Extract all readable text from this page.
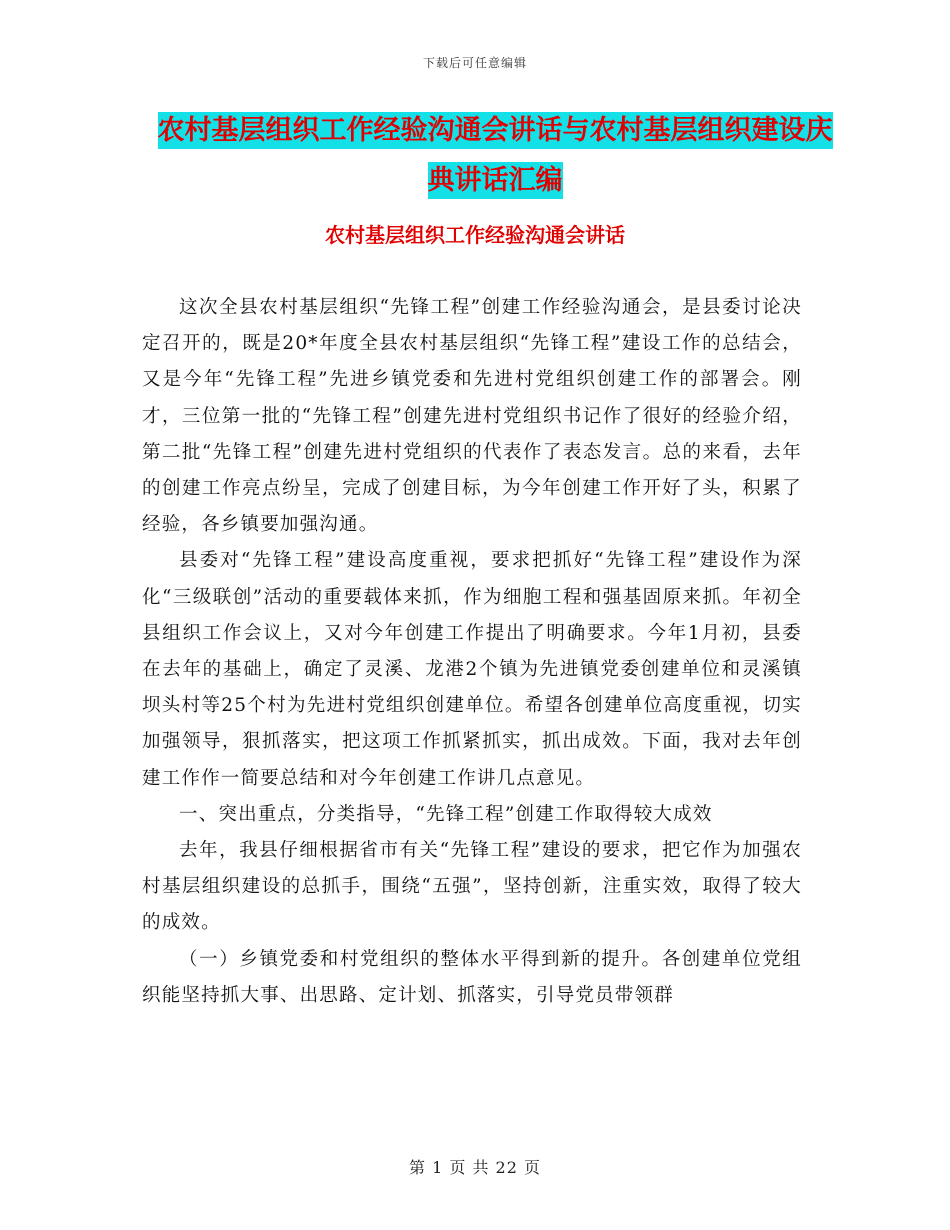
下载后可任意编辑
农村基层组织工作经验沟通会讲话与农村基层组织建设庆典讲话汇编
农村基层组织工作经验沟通会讲话

这次全县农村基层组织“先锋工程”创建工作经验沟通会，是县委讨论决定召开的，既是20*年度全县农村基层组织“先锋工程”建设工作的总结会，又是今年“先锋工程”先进乡镇党委和先进村党组织创建工作的部署会。刚才，三位第一批的“先锋工程”创建先进村党组织书记作了很好的经验介绍，第二批“先锋工程”创建先进村党组织的代表作了表态发言。总的来看，去年的创建工作亮点纷呈，完成了创建目标，为今年创建工作开好了头，积累了经验，各乡镇要加强沟通。

县委对“先锋工程”建设高度重视，要求把抓好“先锋工程”建设作为深化“三级联创”活动的重要载体来抓，作为细胞工程和强基固原来抓。年初全县组织工作会议上，又对今年创建工作提出了明确要求。今年1月初，县委在去年的基础上，确定了灵溪、龙港2个镇为先进镇党委创建单位和灵溪镇坝头村等25个村为先进村党组织创建单位。希望各创建单位高度重视，切实加强领导，狠抓落实，把这项工作抓紧抓实，抓出成效。下面，我对去年创建工作作一简要总结和对今年创建工作讲几点意见。

一、突出重点，分类指导，“先锋工程”创建工作取得较大成效

去年，我县仔细根据省市有关“先锋工程”建设的要求，把它作为加强农村基层组织建设的总抓手，围绕“五强”，坚持创新，注重实效，取得了较大的成效。

（一）乡镇党委和村党组织的整体水平得到新的提升。各创建单位党组织能坚持抓大事、出思路、定计划、抓落实，引导党员带领群

第 1 页 共 22 页
